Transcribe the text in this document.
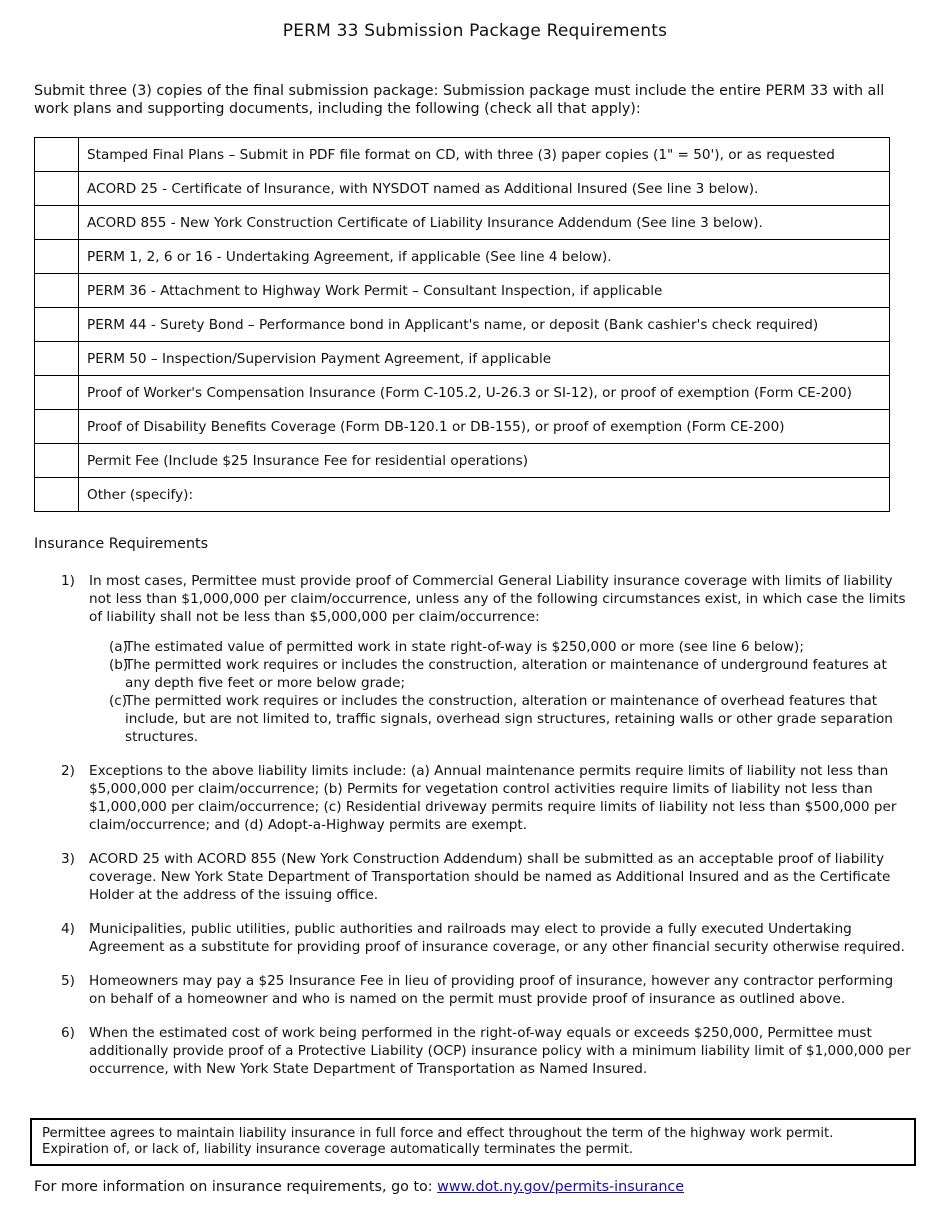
PERM 33 Submission Package Requirements
Submit three (3) copies of the final submission package: Submission package must include the entire PERM 33 with all work plans and supporting documents, including the following (check all that apply):
	Stamped Final Plans – Submit in PDF file format on CD, with three (3) paper copies (1" = 50'), or as requested

	ACORD 25 - Certificate of Insurance, with NYSDOT named as Additional Insured (See line 3 below).

	ACORD 855 - New York Construction Certificate of Liability Insurance Addendum (See line 3 below).

	PERM 1, 2, 6 or 16 - Undertaking Agreement, if applicable (See line 4 below).

	PERM 36 - Attachment to Highway Work Permit – Consultant Inspection, if applicable

	PERM 44 - Surety Bond – Performance bond in Applicant's name, or deposit (Bank cashier's check required)

	PERM 50 – Inspection/Supervision Payment Agreement, if applicable

	Proof of Worker's Compensation Insurance (Form C-105.2, U-26.3 or SI-12), or proof of exemption (Form CE-200)

	Proof of Disability Benefits Coverage (Form DB-120.1 or DB-155), or proof of exemption (Form CE-200)

	Permit Fee (Include $25 Insurance Fee for residential operations)

	Other (specify):
Insurance Requirements
1) In most cases, Permittee must provide proof of Commercial General Liability insurance coverage with limits of liability not less than $1,000,000 per claim/occurrence, unless any of the following circumstances exist, in which case the limits of liability shall not be less than $5,000,000 per claim/occurrence:
(a)
The estimated value of permitted work in state right-of-way is $250,000 or more (see line 6 below);
(b)
The permitted work requires or includes the construction, alteration or maintenance of underground features at any depth five feet or more below grade;
(c)
The permitted work requires or includes the construction, alteration or maintenance of overhead features that include, but are not limited to, traffic signals, overhead sign structures, retaining walls or other grade separation structures.
2) Exceptions to the above liability limits include: (a) Annual maintenance permits require limits of liability not less than $5,000,000 per claim/occurrence; (b) Permits for vegetation control activities require limits of liability not less than $1,000,000 per claim/occurrence; (c) Residential driveway permits require limits of liability not less than $500,000 per claim/occurrence; and (d) Adopt-a-Highway permits are exempt.
3) ACORD 25 with ACORD 855 (New York Construction Addendum) shall be submitted as an acceptable proof of liability coverage. New York State Department of Transportation should be named as Additional Insured and as the Certificate Holder at the address of the issuing office.
4) Municipalities, public utilities, public authorities and railroads may elect to provide a fully executed Undertaking Agreement as a substitute for providing proof of insurance coverage, or any other financial security otherwise required.
5) Homeowners may pay a $25 Insurance Fee in lieu of providing proof of insurance, however any contractor performing on behalf of a homeowner and who is named on the permit must provide proof of insurance as outlined above.
6) When the estimated cost of work being performed in the right-of-way equals or exceeds $250,000, Permittee must additionally provide proof of a Protective Liability (OCP) insurance policy with a minimum liability limit of $1,000,000 per occurrence, with New York State Department of Transportation as Named Insured.
Permittee agrees to maintain liability insurance in full force and effect throughout the term of the highway work permit.
Expiration of, or lack of, liability insurance coverage automatically terminates the permit.
For more information on insurance requirements, go to: www.dot.ny.gov/permits-insurance
